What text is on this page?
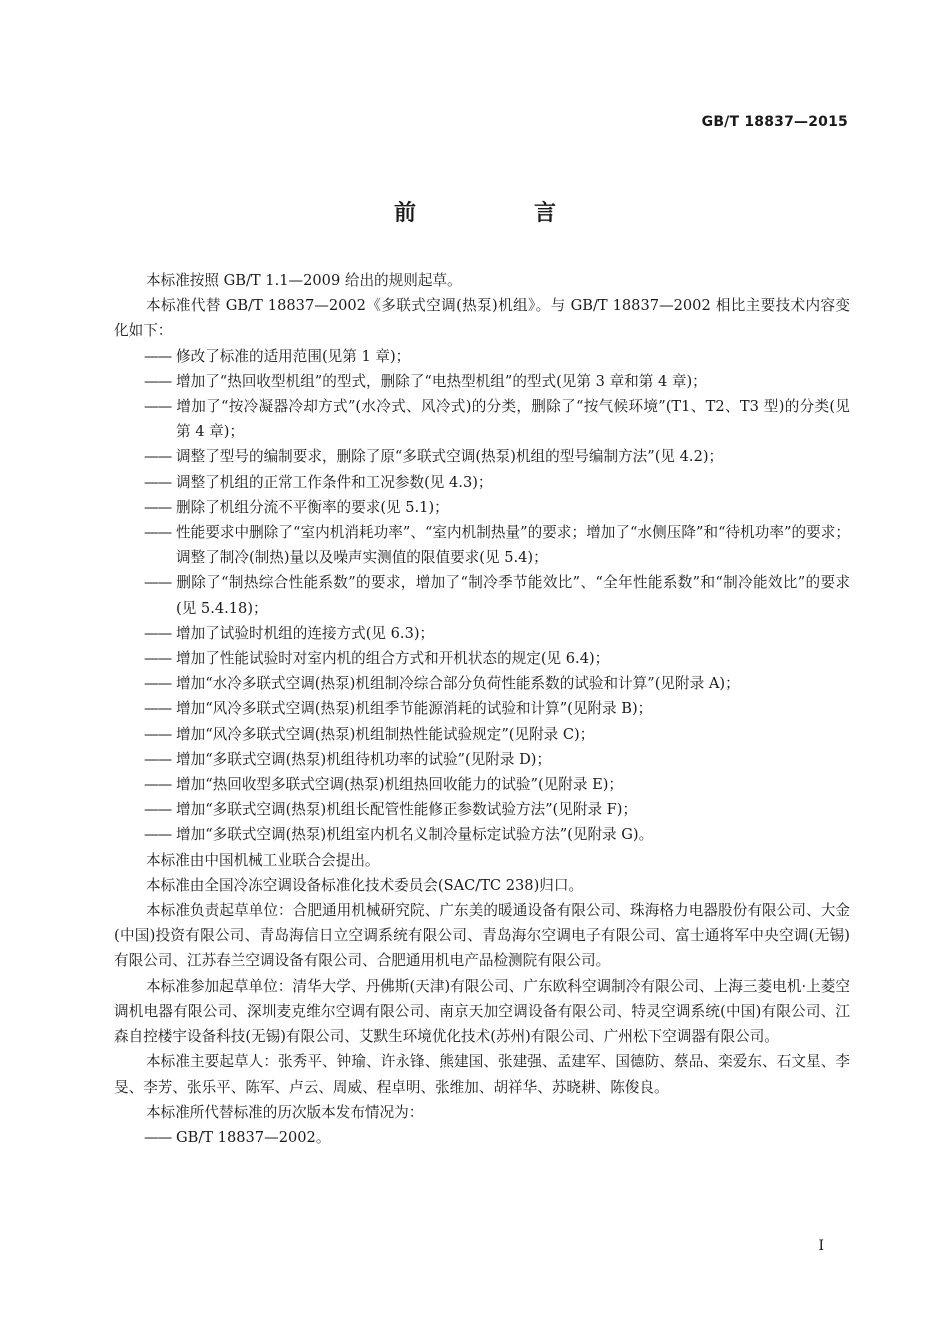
GB/T 18837—2015
前　言

本标准按照 GB/T 1.1—2009 给出的规则起草。

本标准代替 GB/T 18837—2002《多联式空调(热泵)机组》。与 GB/T 18837—2002 相比主要技术内容变化如下：

—— 修改了标准的适用范围(见第 1 章)；

—— 增加了“热回收型机组”的型式，删除了“电热型机组”的型式(见第 3 章和第 4 章)；

—— 增加了“按冷凝器冷却方式”(水冷式、风冷式)的分类，删除了“按气候环境”(T1、T2、T3 型)的分类(见第 4 章)；

—— 调整了型号的编制要求，删除了原“多联式空调(热泵)机组的型号编制方法”(见 4.2)；

—— 调整了机组的正常工作条件和工况参数(见 4.3)；

—— 删除了机组分流不平衡率的要求(见 5.1)；

—— 性能要求中删除了“室内机消耗功率”、“室内机制热量”的要求；增加了“水侧压降”和“待机功率”的要求；调整了制冷(制热)量以及噪声实测值的限值要求(见 5.4)；

—— 删除了“制热综合性能系数”的要求，增加了“制冷季节能效比”、“全年性能系数”和“制冷能效比”的要求(见 5.4.18)；

—— 增加了试验时机组的连接方式(见 6.3)；

—— 增加了性能试验时对室内机的组合方式和开机状态的规定(见 6.4)；

—— 增加“水冷多联式空调(热泵)机组制冷综合部分负荷性能系数的试验和计算”(见附录 A)；

—— 增加“风冷多联式空调(热泵)机组季节能源消耗的试验和计算”(见附录 B)；

—— 增加“风冷多联式空调(热泵)机组制热性能试验规定”(见附录 C)；

—— 增加“多联式空调(热泵)机组待机功率的试验”(见附录 D)；

—— 增加“热回收型多联式空调(热泵)机组热回收能力的试验”(见附录 E)；

—— 增加“多联式空调(热泵)机组长配管性能修正参数试验方法”(见附录 F)；

—— 增加“多联式空调(热泵)机组室内机名义制冷量标定试验方法”(见附录 G)。

本标准由中国机械工业联合会提出。

本标准由全国冷冻空调设备标准化技术委员会(SAC/TC 238)归口。

本标准负责起草单位：合肥通用机械研究院、广东美的暖通设备有限公司、珠海格力电器股份有限公司、大金(中国)投资有限公司、青岛海信日立空调系统有限公司、青岛海尔空调电子有限公司、富士通将军中央空调(无锡)有限公司、江苏春兰空调设备有限公司、合肥通用机电产品检测院有限公司。

本标准参加起草单位：清华大学、丹佛斯(天津)有限公司、广东欧科空调制冷有限公司、上海三菱电机·上菱空调机电器有限公司、深圳麦克维尔空调有限公司、南京天加空调设备有限公司、特灵空调系统(中国)有限公司、江森自控楼宇设备科技(无锡)有限公司、艾默生环境优化技术(苏州)有限公司、广州松下空调器有限公司。

本标准主要起草人：张秀平、钟瑜、许永锋、熊建国、张建强、孟建军、国德防、蔡品、栾爱东、石文星、李旻、李芳、张乐平、陈军、卢云、周威、程卓明、张维加、胡祥华、苏晓耕、陈俊良。

本标准所代替标准的历次版本发布情况为：

—— GB/T 18837—2002。

I
